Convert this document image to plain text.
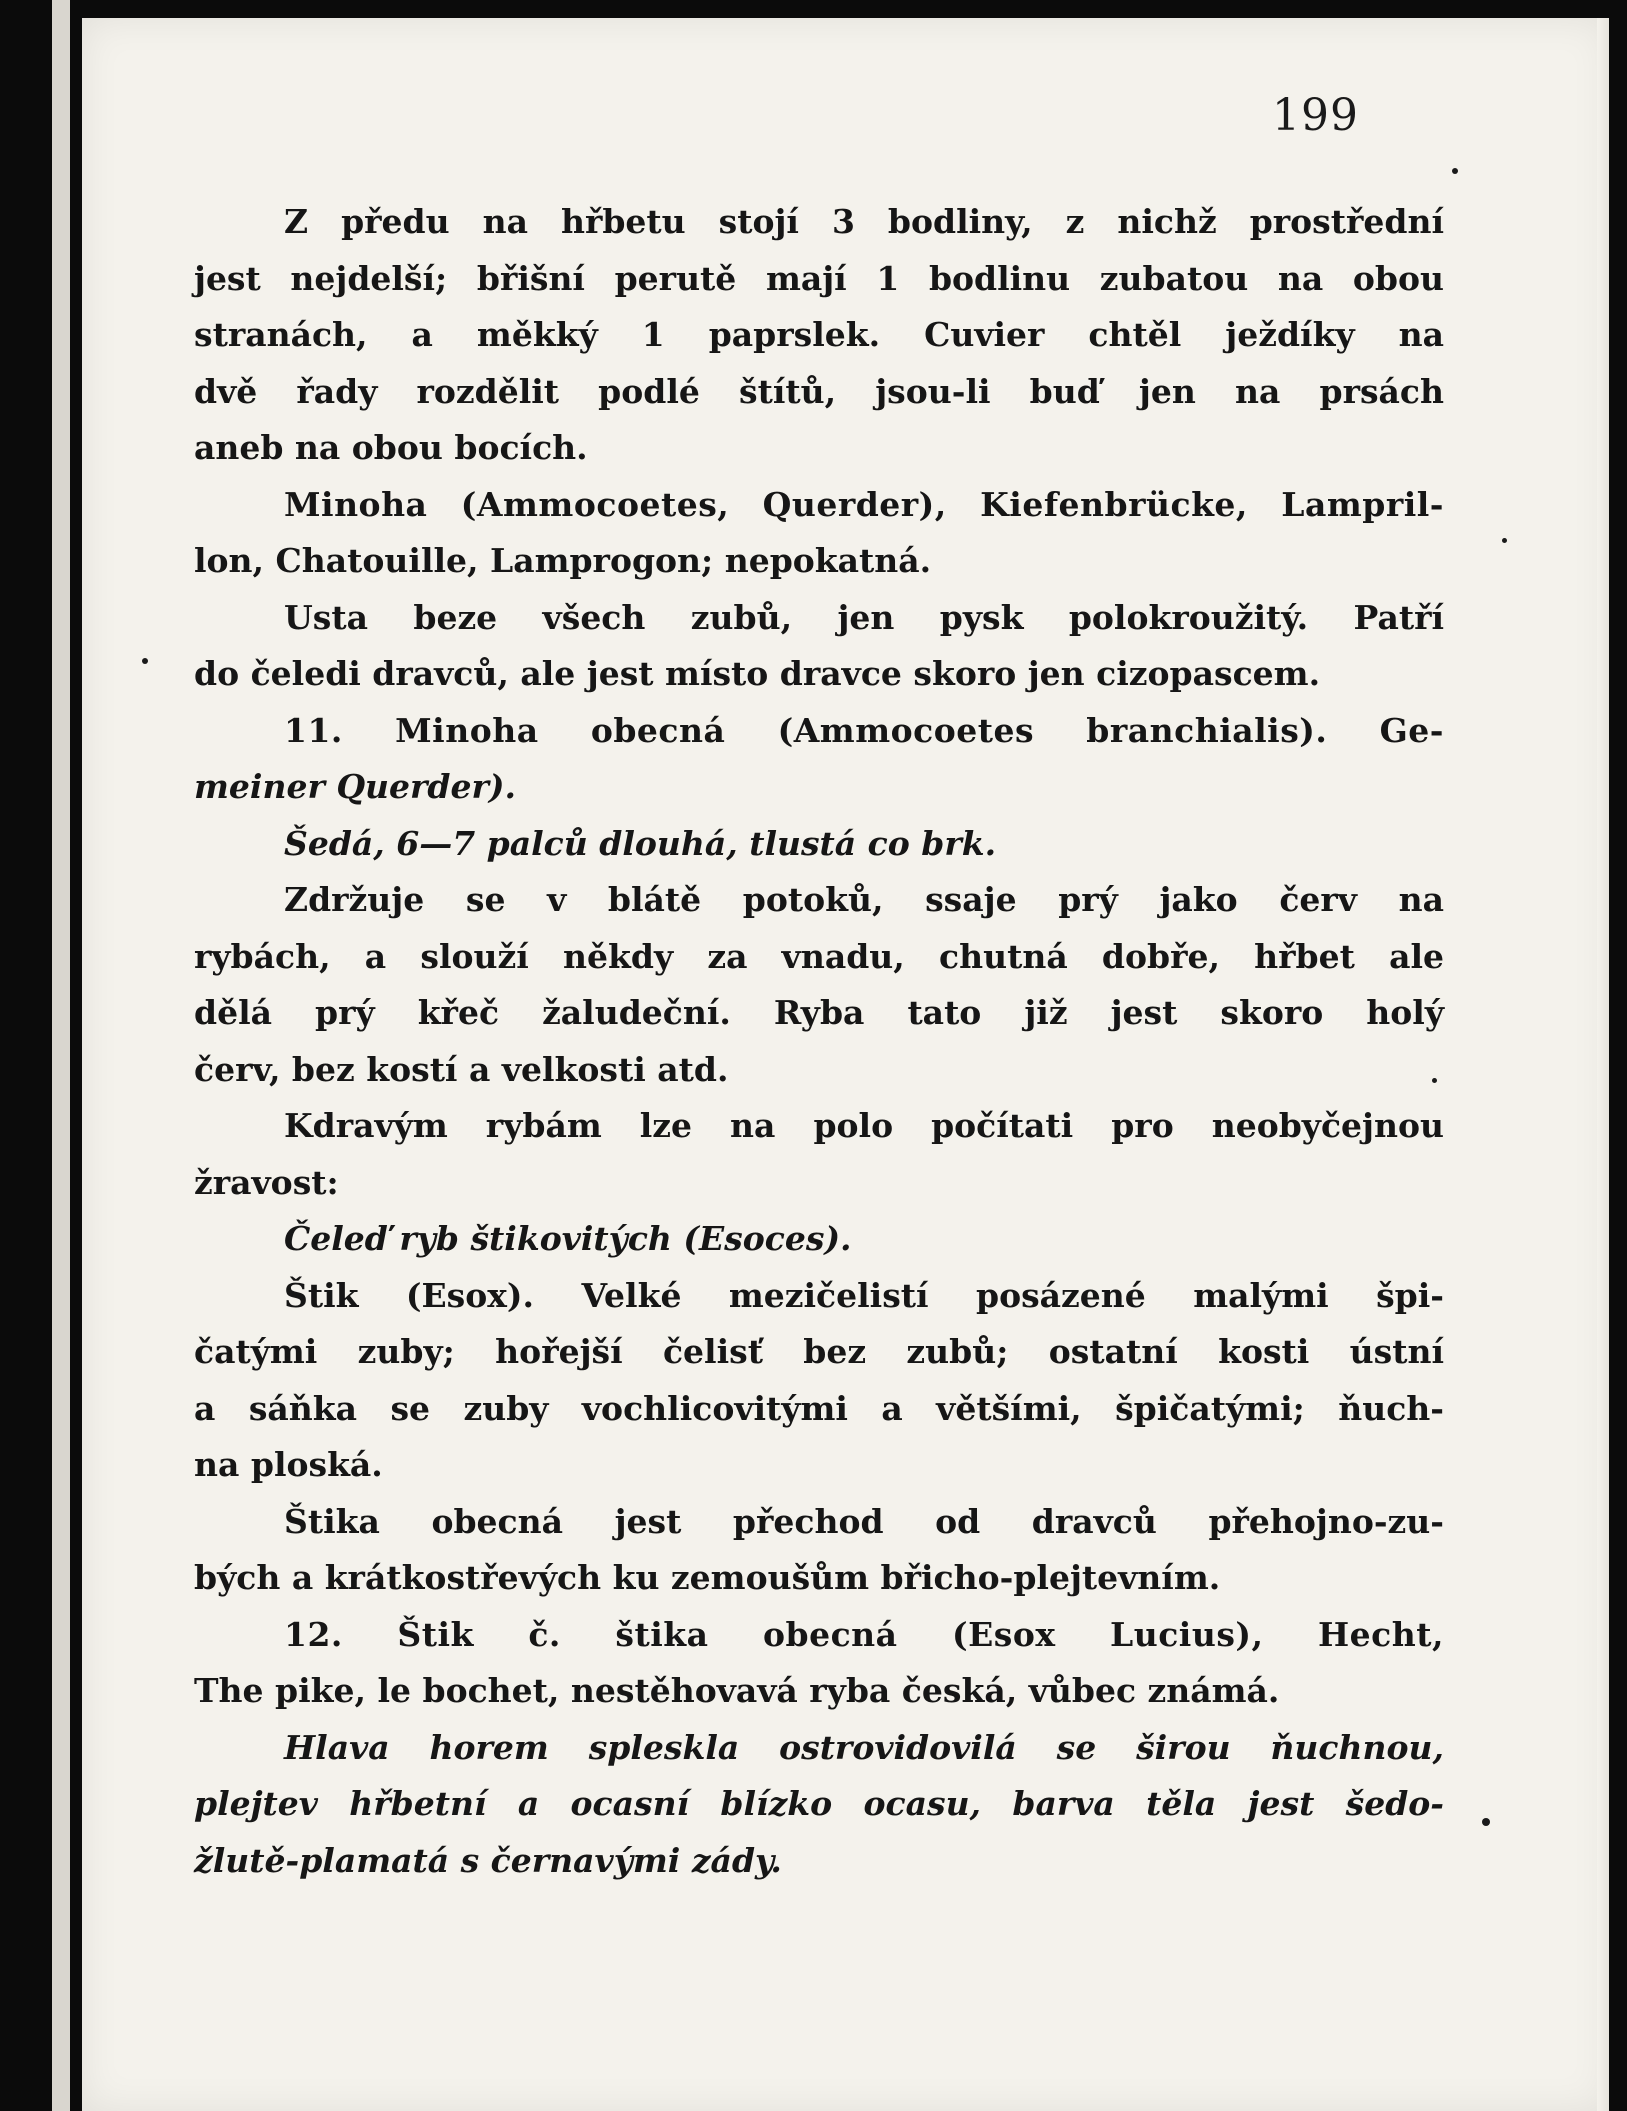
199
Z předu na hřbetu stojí 3 bodliny, z nichž prostřední
jest nejdelší; břišní perutě mají 1 bodlinu zubatou na obou
stranách, a měkký 1 paprslek. Cuvier chtěl ježdíky na
dvě řady rozdělit podlé štítů, jsou-li buď jen na prsách
aneb na obou bocích.
Minoha (Ammocoetes, Querder), Kiefenbrücke, Lampril-
lon, Chatouille, Lamprogon; nepokatná.
Usta beze všech zubů, jen pysk polokroužitý. Patří
do čeledi dravců, ale jest místo dravce skoro jen cizopascem.
11. Minoha obecná (Ammocoetes branchialis). Ge-
meiner Querder).
Šedá, 6—7 palců dlouhá, tlustá co brk.
Zdržuje se v blátě potoků, ssaje prý jako červ na
rybách, a slouží někdy za vnadu, chutná dobře, hřbet ale
dělá prý křeč žaludeční. Ryba tato již jest skoro holý
červ, bez kostí a velkosti atd.
Kdravým rybám lze na polo počítati pro neobyčejnou
žravost:
Čeleď ryb štikovitých (Esoces).
Štik (Esox). Velké mezičelistí posázené malými špi-
čatými zuby; hořejší čelisť bez zubů; ostatní kosti ústní
a sáňka se zuby vochlicovitými a většími, špičatými; ňuch-
na ploská.
Štika obecná jest přechod od dravců přehojno-zu-
bých a krátkostřevých ku zemoušům břicho-plejtevním.
12. Štik č. štika obecná (Esox Lucius), Hecht,
The pike, le bochet, nestěhovavá ryba česká, vůbec známá.
Hlava horem spleskla ostrovidovilá se širou ňuchnou,
plejtev hřbetní a ocasní blízko ocasu, barva těla jest šedo-
žlutě-plamatá s černavými zády.
